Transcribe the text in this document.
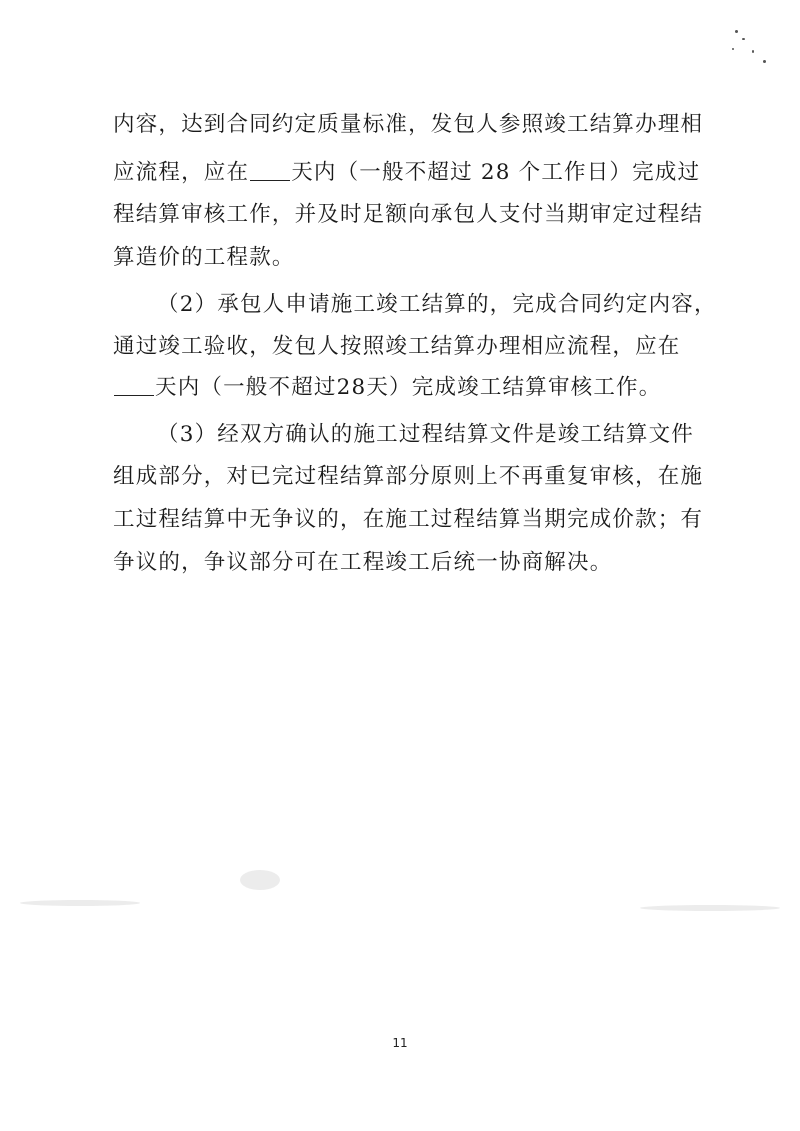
内容，达到合同约定质量标准，发包人参照竣工结算办理相
应流程，应在 天内（一般不超过 28 个工作日）完成过
程结算审核工作，并及时足额向承包人支付当期审定过程结
算造价的工程款。
（2）承包人申请施工竣工结算的，完成合同约定内容，
通过竣工验收，发包人按照竣工结算办理相应流程，应在
天内（一般不超过28天）完成竣工结算审核工作。
（3）经双方确认的施工过程结算文件是竣工结算文件
组成部分，对已完过程结算部分原则上不再重复审核，在施
工过程结算中无争议的，在施工过程结算当期完成价款；有
争议的，争议部分可在工程竣工后统一协商解决。
11
